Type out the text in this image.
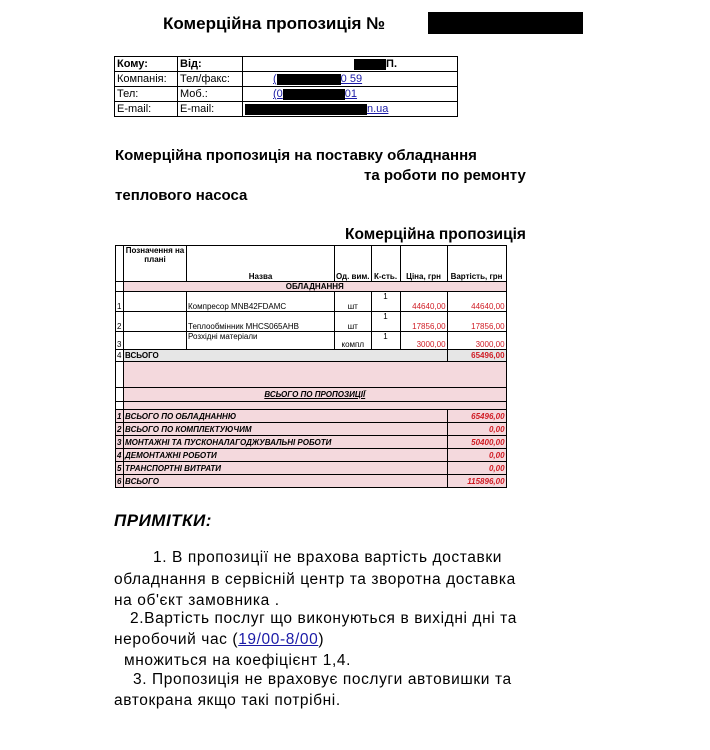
Комерційна пропозиція №
Кому:	Від:	П.
Компанія:	Тел/факс:	( 0 59
Тел:	Моб.:	(0 01
E-mail:	E-mail:	n.ua
Комерційна пропозиція на поставку обладнання
та роботи по ремонту
теплового насоса
Комерційна пропозиція
	Позначення на плані	Назва	Од. вим.	К-сть.	Ціна, грн	Вартість, грн
	ОБЛАДНАННЯ					
1		Компресор MNB42FDAMC	шт	1	44640,00	44640,00
2		Теплообмінник MHCS065AHB	шт	1	17856,00	17856,00
3		Розхідні матеріали	компл	1	3000,00	3000,00
4	ВСЬОГО					65496,00

	ВСЬОГО ПО ПРОПОЗИЦІЇ					

1	ВСЬОГО ПО ОБЛАДНАННЮ					65496,00
2	ВСЬОГО ПО КОМПЛЕКТУЮЧИМ					0,00
3	МОНТАЖНІ ТА ПУСКОНАЛАГОДЖУВАЛЬНІ РОБОТИ					50400,00
4	ДЕМОНТАЖНІ РОБОТИ					0,00
5	ТРАНСПОРТНІ ВИТРАТИ					0,00
6	ВСЬОГО					115896,00
ПРИМІТКИ:
1. В пропозиції не врахова вартість доставки
обладнання в сервісній центр та зворотна доставка
на об'єкт замовника .
2.Вартість послуг що виконуються в вихідні дні та
неробочий час (19/00-8/00)
множиться на коефіцієнт 1,4.
3. Пропозиція не враховує послуги автовишки та
автокрана якщо такі потрібні.
